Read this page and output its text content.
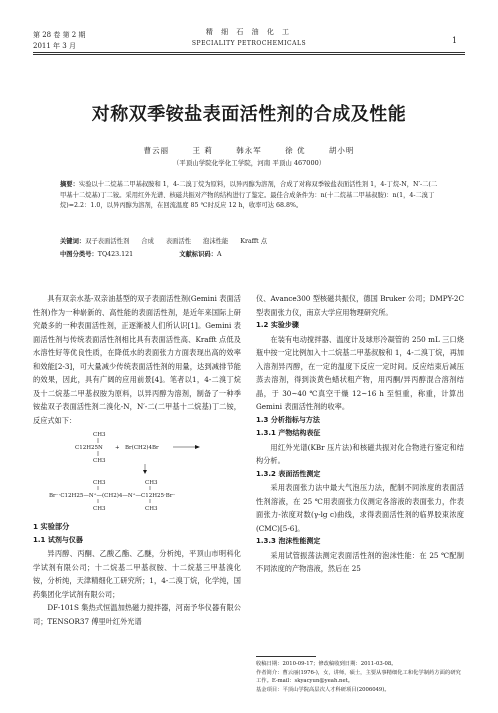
第 28 卷 第 2 期
2011 年 3 月
精 细 石 油 化 工
SPECIALITY PETROCHEMICALS	1
对称双季铵盐表面活性剂的合成及性能
曹云丽	王 莉	韩永军	徐 优	胡小明
（平顶山学院化学化工学院，河南 平顶山 467000）
摘要：实验以十二烷基二甲基叔胺和 1，4-二溴丁烷为原料，以异丙醇为溶剂，合成了对称双季铵盐表面活性剂 1，4-丁烷-N，N′-二(二甲基十二烷基)丁二铵。采用红外光谱、核磁共振对产物的结构进行了鉴定。最佳合成条件为：n(十二烷基二甲基叔胺)：n(1，4-二溴丁烷)=2.2：1.0，以异丙醇为溶剂，在回流温度 85 ℃时反应 12 h，收率可达 68.8%。
关键词：双子表面活性剂 合成 表面活性 泡沫性能 Krafft 点
中图分类号：TQ423.121	文献标识码：A

具有双亲水基-双亲油基型的双子表面活性剂(Gemini 表面活性剂)作为一种崭新的、高性能的表面活性剂，是近年来国际上研究最多的一种表面活性剂，正逐渐被人们所认识[1]。Gemini 表面活性剂与传统表面活性剂相比具有表面活性高、Krafft 点低及水溶性好等优良性质，在降低水的表面张力方面表现出高的效率和效能[2-3]，可大量减少传统表面活性剂的用量，达到减排节能的效果，因此，具有广阔的应用前景[4]。笔者以1，4-二溴丁烷及十二烷基二甲基叔胺为原料，以异丙醇为溶剂，制备了一种季铵盐双子表面活性剂二溴化-N，N′-二(二甲基十二烷基)丁二铵，反应式如下：

CH3
C12H25N
CH3
+ Br(CH2)4Br
CH3	CH3
Br⁻·C12H25—N⁺—(CH2)4—N⁺—C12H25·Br⁻
CH3	CH3

1 实验部分

1.1 试剂与仪器

异丙醇、丙酮、乙酸乙酯、乙醚，分析纯，平顶山市明科化学试剂有限公司；十二烷基二甲基叔胺、十二烷基三甲基溴化铵，分析纯，天津精细化工研究所；1，4-二溴丁烷，化学纯，国药集团化学试剂有限公司；

DF-101S 集热式恒温加热磁力搅拌器，河南予华仪器有限公司；TENSOR37 傅里叶红外光谱

仪、Avance300 型核磁共振仪，德国 Bruker 公司；DMPY-2C 型表面张力仪，南京大学应用物理研究所。

1.2 实验步骤

在装有电动搅拌器、温度计及球形冷凝管的 250 mL 三口烧瓶中按一定比例加入十二烷基二甲基叔胺和 1，4-二溴丁烷，再加入溶剂异丙醇，在一定的温度下反应一定时间。反应结束后减压蒸去溶剂，得到淡黄色蜡状粗产物，用丙酮/异丙醇混合溶剂结晶，于 30~40 ℃真空干燥 12~16 h 至恒重，称重，计算出 Gemini 表面活性剂的收率。

1.3 分析指标与方法

1.3.1 产物结构表征

用红外光谱(KBr 压片法)和核磁共振对化合物进行鉴定和结构分析。

1.3.2 表面活性测定

采用表面张力法中最大气泡压力法，配制不同浓度的表面活性剂溶液，在 25 ℃用表面张力仪测定各溶液的表面张力，作表面张力-浓度对数(γ-lg c)曲线，求得表面活性剂的临界胶束浓度(CMC)[5-6]。

1.3.3 泡沫性能测定

采用试管振荡法测定表面活性剂的泡沫性能：在 25 ℃配制不同浓度的产物溶液，然后在 25

收稿日期：2010-09-17；修改稿收到日期：2011-03-08。
作者简介：曹云丽(1976-)，女，讲师，硕士，主要从事精细化工和化学制药方面的研究工作。E-mail：skyacyun@yeah.net。
基金项目：平顶山学院高层次人才科研项目(2006049)。
